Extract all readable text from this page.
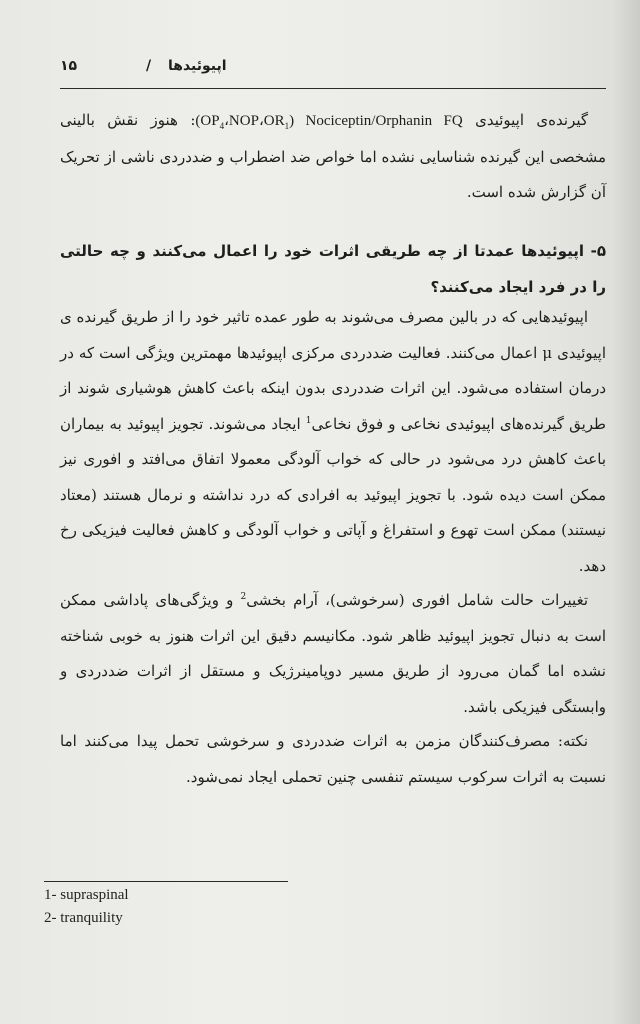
۱۵	/ اپیوئیدها

گیرنده‌ی اپیوئیدی $(OP_4،NOP،OR_1)$ Nociceptin/Orphanin FQ: هنوز نقش بالینی مشخصی این گیرنده شناسایی نشده اما خواص ضد اضطراب و ضددردی ناشی از تحریک آن گزارش شده است.

۵- اپیوئیدها عمدتا از چه طریقی اثرات خود را اعمال می‌کنند و چه حالتی را در فرد ایجاد می‌کنند؟

اپیوئیدهایی که در بالین مصرف می‌شوند به طور عمده تاثیر خود را از طریق گیرنده ی اپیوئیدی μ اعمال می‌کنند. فعالیت ضددردی مرکزی اپیوئیدها مهمترین ویژگی است که در درمان استفاده می‌شود. این اثرات ضددردی بدون اینکه باعث کاهش هوشیاری شوند از طریق گیرنده‌های اپیوئیدی نخاعی و فوق نخاعی$^1$ ایجاد می‌شوند. تجویز اپیوئید به بیماران باعث کاهش درد می‌شود در حالی که خواب آلودگی معمولا اتفاق می‌افتد و افوری نیز ممکن است دیده شود. با تجویز اپیوئید به افرادی که درد نداشته و نرمال هستند (معتاد نیستند) ممکن است تهوع و استفراغ و آپاتی و خواب آلودگی و کاهش فعالیت فیزیکی رخ دهد.

تغییرات حالت شامل افوری (سرخوشی)، آرام بخشی$^2$ و ویژگی‌های پاداشی ممکن است به دنبال تجویز اپیوئید ظاهر شود. مکانیسم دقیق این اثرات هنوز به خوبی شناخته نشده اما گمان می‌رود از طریق مسیر دوپامینرژیک و مستقل از اثرات ضددردی و وابستگی فیزیکی باشد.

نکته: مصرف‌کنندگان مزمن به اثرات ضددردی و سرخوشی تحمل پیدا می‌کنند اما نسبت به اثرات سرکوب سیستم تنفسی چنین تحملی ایجاد نمی‌شود.

1- supraspinal
2- tranquility
